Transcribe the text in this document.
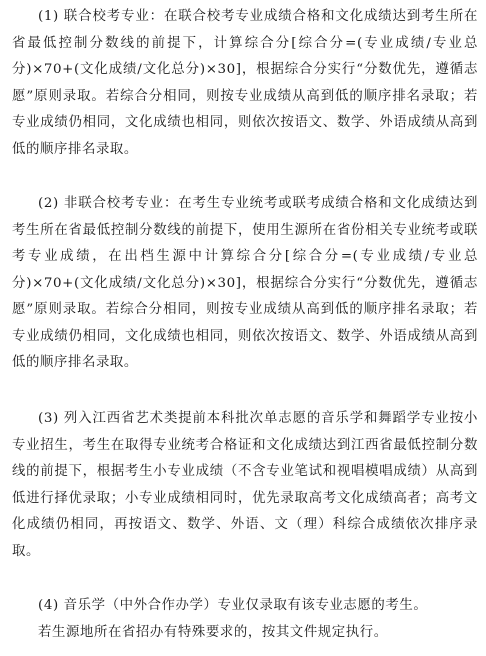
(1) 联合校考专业：在联合校考专业成绩合格和文化成绩达到考生所在省最低控制分数线的前提下，计算综合分[综合分=(专业成绩/专业总分)×70+(文化成绩/文化总分)×30]，根据综合分实行“分数优先，遵循志愿”原则录取。若综合分相同，则按专业成绩从高到低的顺序排名录取；若专业成绩仍相同，文化成绩也相同，则依次按语文、数学、外语成绩从高到低的顺序排名录取。

(2) 非联合校考专业：在考生专业统考或联考成绩合格和文化成绩达到考生所在省最低控制分数线的前提下，使用生源所在省份相关专业统考或联考专业成绩，在出档生源中计算综合分[综合分=(专业成绩/专业总分)×70+(文化成绩/文化总分)×30]，根据综合分实行“分数优先，遵循志愿”原则录取。若综合分相同，则按专业成绩从高到低的顺序排名录取；若专业成绩仍相同，文化成绩也相同，则依次按语文、数学、外语成绩从高到低的顺序排名录取。

(3) 列入江西省艺术类提前本科批次单志愿的音乐学和舞蹈学专业按小专业招生，考生在取得专业统考合格证和文化成绩达到江西省最低控制分数线的前提下，根据考生小专业成绩（不含专业笔试和视唱模唱成绩）从高到低进行择优录取；小专业成绩相同时，优先录取高考文化成绩高者；高考文化成绩仍相同，再按语文、数学、外语、文（理）科综合成绩依次排序录取。

(4) 音乐学（中外合作办学）专业仅录取有该专业志愿的考生。

若生源地所在省招办有特殊要求的，按其文件规定执行。
